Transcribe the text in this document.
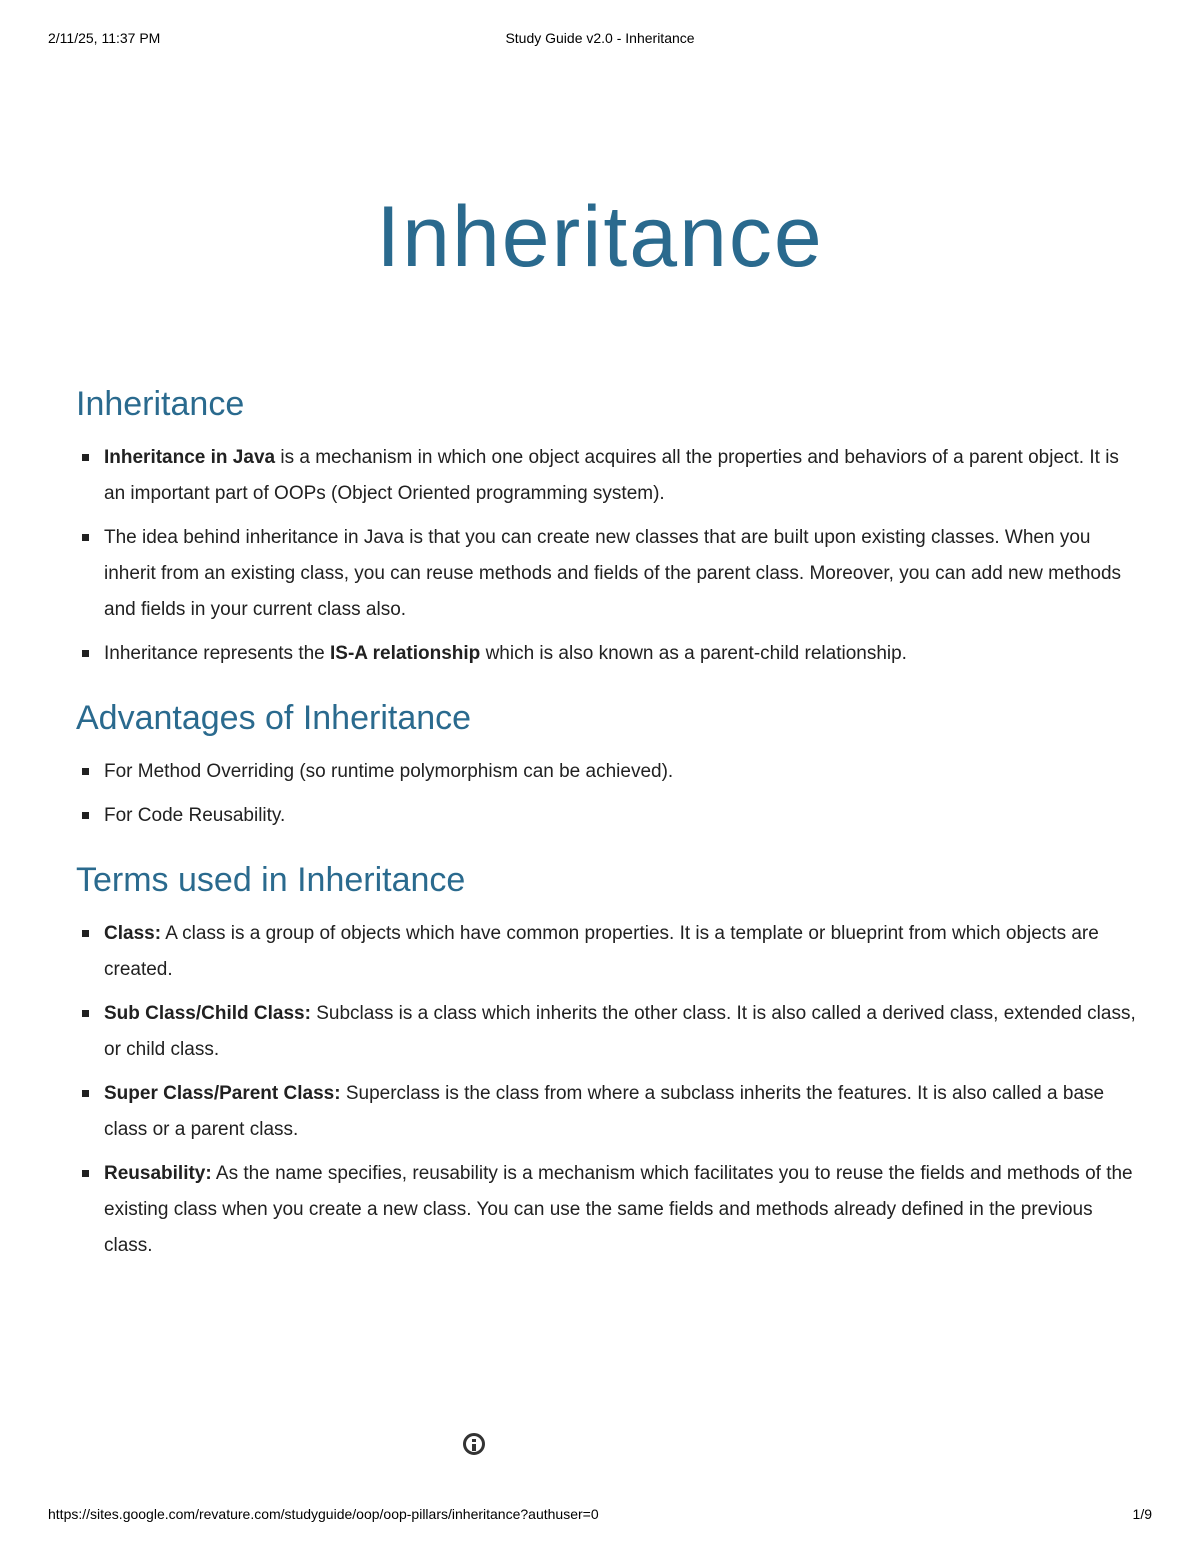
2/11/25, 11:37 PM	Study Guide v2.0 - Inheritance
Inheritance
Inheritance
Inheritance in Java is a mechanism in which one object acquires all the properties and behaviors of a parent object. It is an important part of OOPs (Object Oriented programming system).
The idea behind inheritance in Java is that you can create new classes that are built upon existing classes. When you inherit from an existing class, you can reuse methods and fields of the parent class. Moreover, you can add new methods and fields in your current class also.
Inheritance represents the IS-A relationship which is also known as a parent-child relationship.
Advantages of Inheritance
For Method Overriding (so runtime polymorphism can be achieved).
For Code Reusability.
Terms used in Inheritance
Class: A class is a group of objects which have common properties. It is a template or blueprint from which objects are created.
Sub Class/Child Class: Subclass is a class which inherits the other class. It is also called a derived class, extended class, or child class.
Super Class/Parent Class: Superclass is the class from where a subclass inherits the features. It is also called a base class or a parent class.
Reusability: As the name specifies, reusability is a mechanism which facilitates you to reuse the fields and methods of the existing class when you create a new class. You can use the same fields and methods already defined in the previous class.
https://sites.google.com/revature.com/studyguide/oop/oop-pillars/inheritance?authuser=0	1/9
